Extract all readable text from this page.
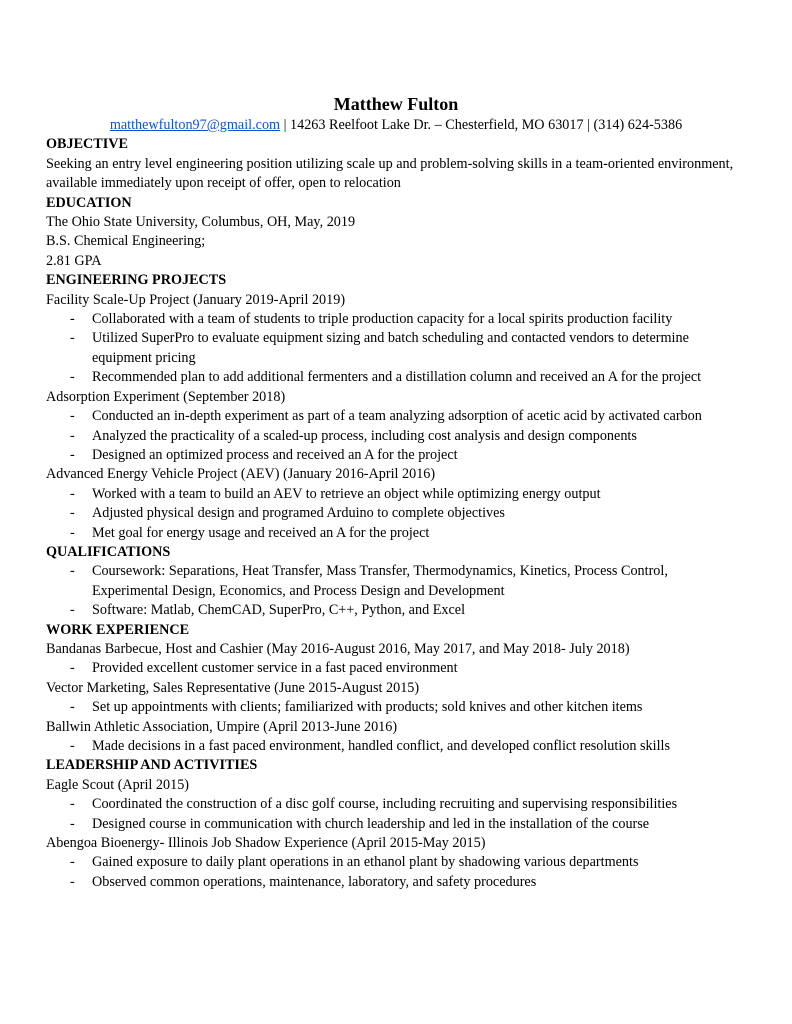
Matthew Fulton

matthewfulton97@gmail.com | 14263 Reelfoot Lake Dr. – Chesterfield, MO 63017 | (314) 624-5386

OBJECTIVE

Seeking an entry level engineering position utilizing scale up and problem-solving skills in a team-oriented environment, available immediately upon receipt of offer, open to relocation

EDUCATION

The Ohio State University, Columbus, OH, May, 2019

B.S. Chemical Engineering;

2.81 GPA

ENGINEERING PROJECTS

Facility Scale-Up Project (January 2019-April 2019)

- Collaborated with a team of students to triple production capacity for a local spirits production facility
- Utilized SuperPro to evaluate equipment sizing and batch scheduling and contacted vendors to determine equipment pricing
- Recommended plan to add additional fermenters and a distillation column and received an A for the project

Adsorption Experiment (September 2018)

- Conducted an in-depth experiment as part of a team analyzing adsorption of acetic acid by activated carbon
- Analyzed the practicality of a scaled-up process, including cost analysis and design components
- Designed an optimized process and received an A for the project

Advanced Energy Vehicle Project (AEV) (January 2016-April 2016)

- Worked with a team to build an AEV to retrieve an object while optimizing energy output
- Adjusted physical design and programed Arduino to complete objectives
- Met goal for energy usage and received an A for the project
QUALIFICATIONS
- Coursework: Separations, Heat Transfer, Mass Transfer, Thermodynamics, Kinetics, Process Control, Experimental Design, Economics, and Process Design and Development
- Software: Matlab, ChemCAD, SuperPro, C++, Python, and Excel
WORK EXPERIENCE

Bandanas Barbecue, Host and Cashier (May 2016-August 2016, May 2017, and May 2018- July 2018)

- Provided excellent customer service in a fast paced environment

Vector Marketing, Sales Representative (June 2015-August 2015)

- Set up appointments with clients; familiarized with products; sold knives and other kitchen items

Ballwin Athletic Association, Umpire (April 2013-June 2016)

- Made decisions in a fast paced environment, handled conflict, and developed conflict resolution skills
LEADERSHIP AND ACTIVITIES

Eagle Scout (April 2015)

- Coordinated the construction of a disc golf course, including recruiting and supervising responsibilities
- Designed course in communication with church leadership and led in the installation of the course

Abengoa Bioenergy- Illinois Job Shadow Experience (April 2015-May 2015)

- Gained exposure to daily plant operations in an ethanol plant by shadowing various departments
- Observed common operations, maintenance, laboratory, and safety procedures
